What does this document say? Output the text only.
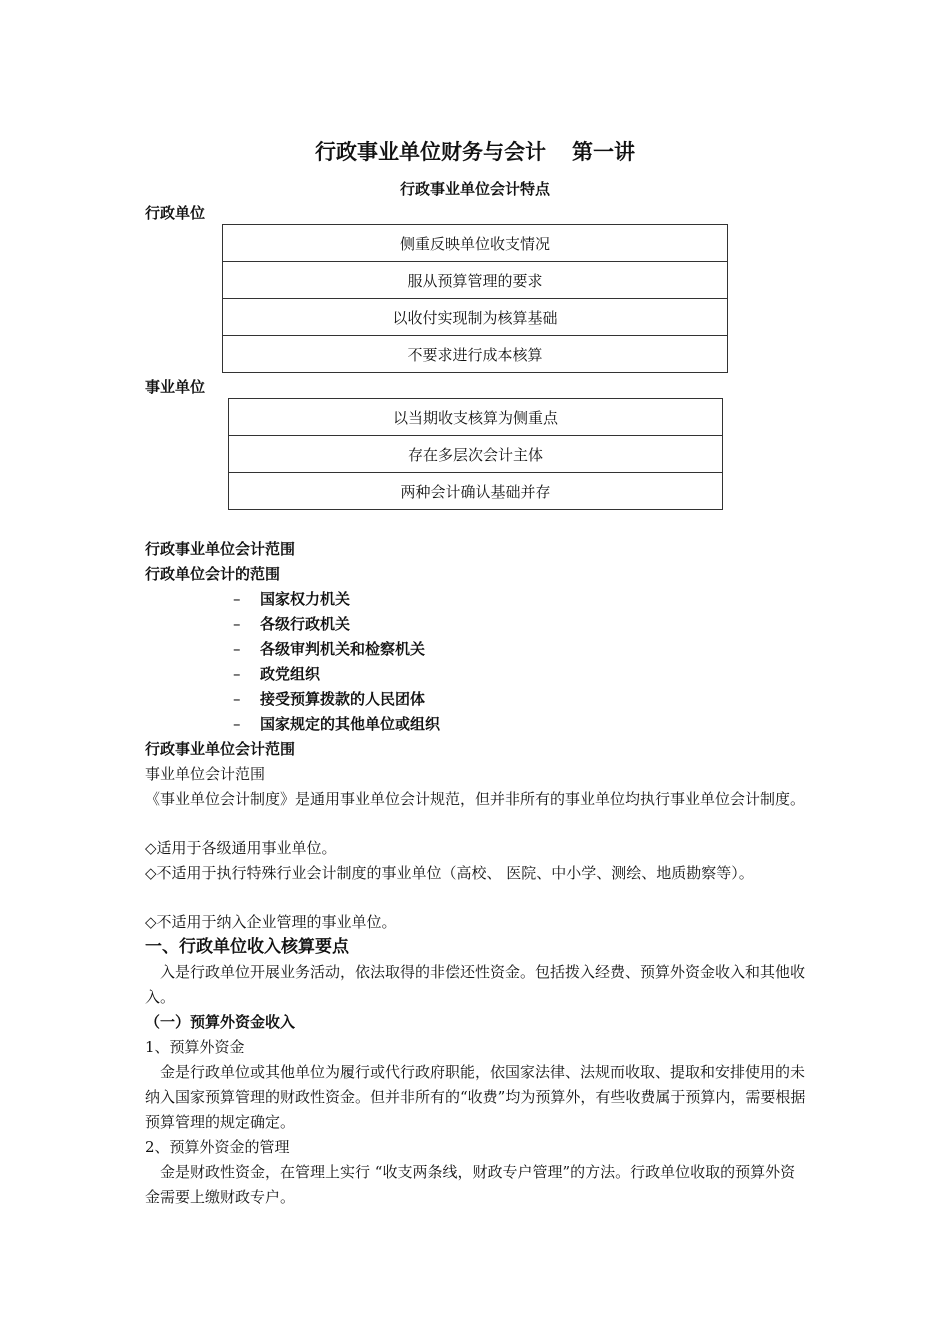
行政事业单位财务与会计 第一讲
行政事业单位会计特点
行政单位
侧重反映单位收支情况
服从预算管理的要求
以收付实现制为核算基础
不要求进行成本核算
事业单位
以当期收支核算为侧重点
存在多层次会计主体
两种会计确认基础并存
行政事业单位会计范围
行政单位会计的范围
– 国家权力机关
– 各级行政机关
– 各级审判机关和检察机关
– 政党组织
– 接受预算拨款的人民团体
– 国家规定的其他单位或组织
行政事业单位会计范围
事业单位会计范围
《事业单位会计制度》是通用事业单位会计规范，但并非所有的事业单位均执行事业单位会计制度。
◇适用于各级通用事业单位。
◇不适用于执行特殊行业会计制度的事业单位（高校、 医院、中小学、测绘、地质勘察等）。
◇不适用于纳入企业管理的事业单位。
一、行政单位收入核算要点
入是行政单位开展业务活动，依法取得的非偿还性资金。包括拨入经费、预算外资金收入和其他收入。
（一）预算外资金收入
1、预算外资金
金是行政单位或其他单位为履行或代行政府职能，依国家法律、法规而收取、提取和安排使用的未纳入国家预算管理的财政性资金。但并非所有的“收费”均为预算外，有些收费属于预算内，需要根据预算管理的规定确定。
2、预算外资金的管理
金是财政性资金，在管理上实行 “收支两条线，财政专户管理”的方法。行政单位收取的预算外资金需要上缴财政专户。
